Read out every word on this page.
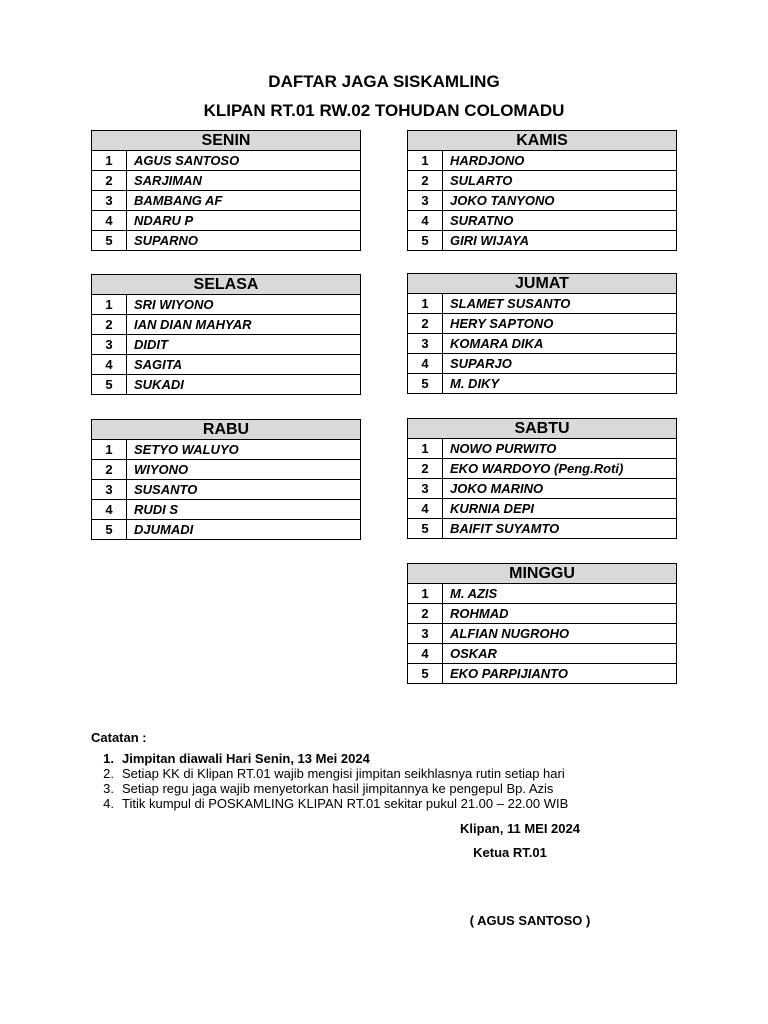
DAFTAR JAGA SISKAMLING
KLIPAN RT.01 RW.02 TOHUDAN COLOMADU
SENIN	
1	AGUS SANTOSO
2	SARJIMAN
3	BAMBANG AF
4	NDARU P
5	SUPARNO
SELASA	
1	SRI WIYONO
2	IAN DIAN MAHYAR
3	DIDIT
4	SAGITA
5	SUKADI
RABU	
1	SETYO WALUYO
2	WIYONO
3	SUSANTO
4	RUDI S
5	DJUMADI
KAMIS	
1	HARDJONO
2	SULARTO
3	JOKO TANYONO
4	SURATNO
5	GIRI WIJAYA
JUMAT	
1	SLAMET SUSANTO
2	HERY SAPTONO
3	KOMARA DIKA
4	SUPARJO
5	M. DIKY
SABTU	
1	NOWO PURWITO
2	EKO WARDOYO (Peng.Roti)
3	JOKO MARINO
4	KURNIA DEPI
5	BAIFIT SUYAMTO
MINGGU	
1	M. AZIS
2	ROHMAD
3	ALFIAN NUGROHO
4	OSKAR
5	EKO PARPIJIANTO
Catatan :
1. Jimpitan diawali Hari Senin, 13 Mei 2024
2. Setiap KK di Klipan RT.01 wajib mengisi jimpitan seikhlasnya rutin setiap hari
3. Setiap regu jaga wajib menyetorkan hasil jimpitannya ke pengepul Bp. Azis
4. Titik kumpul di POSKAMLING KLIPAN RT.01 sekitar pukul 21.00 – 22.00 WIB
Klipan, 11 MEI 2024
Ketua RT.01
( AGUS SANTOSO )
